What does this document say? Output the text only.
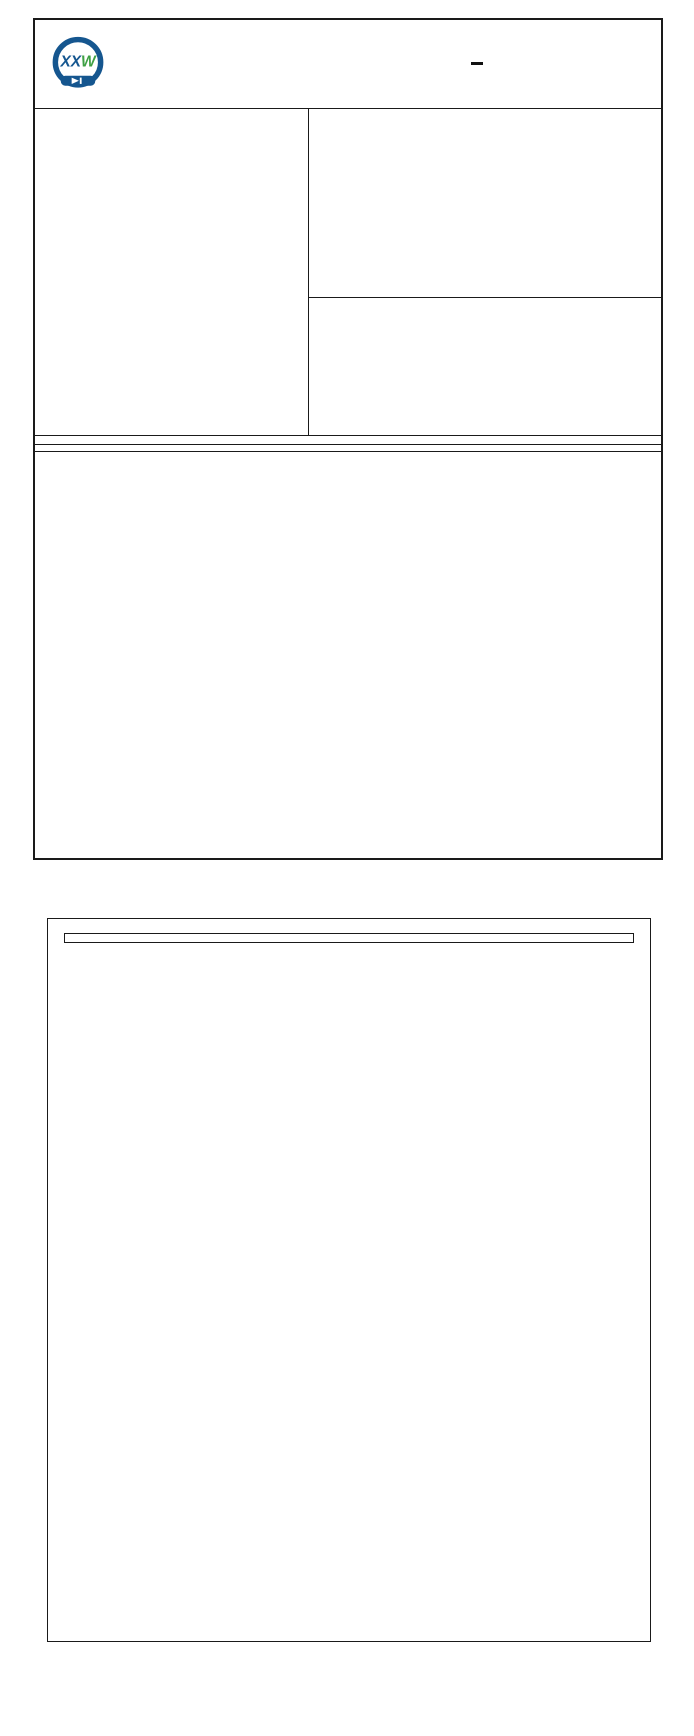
XXW
